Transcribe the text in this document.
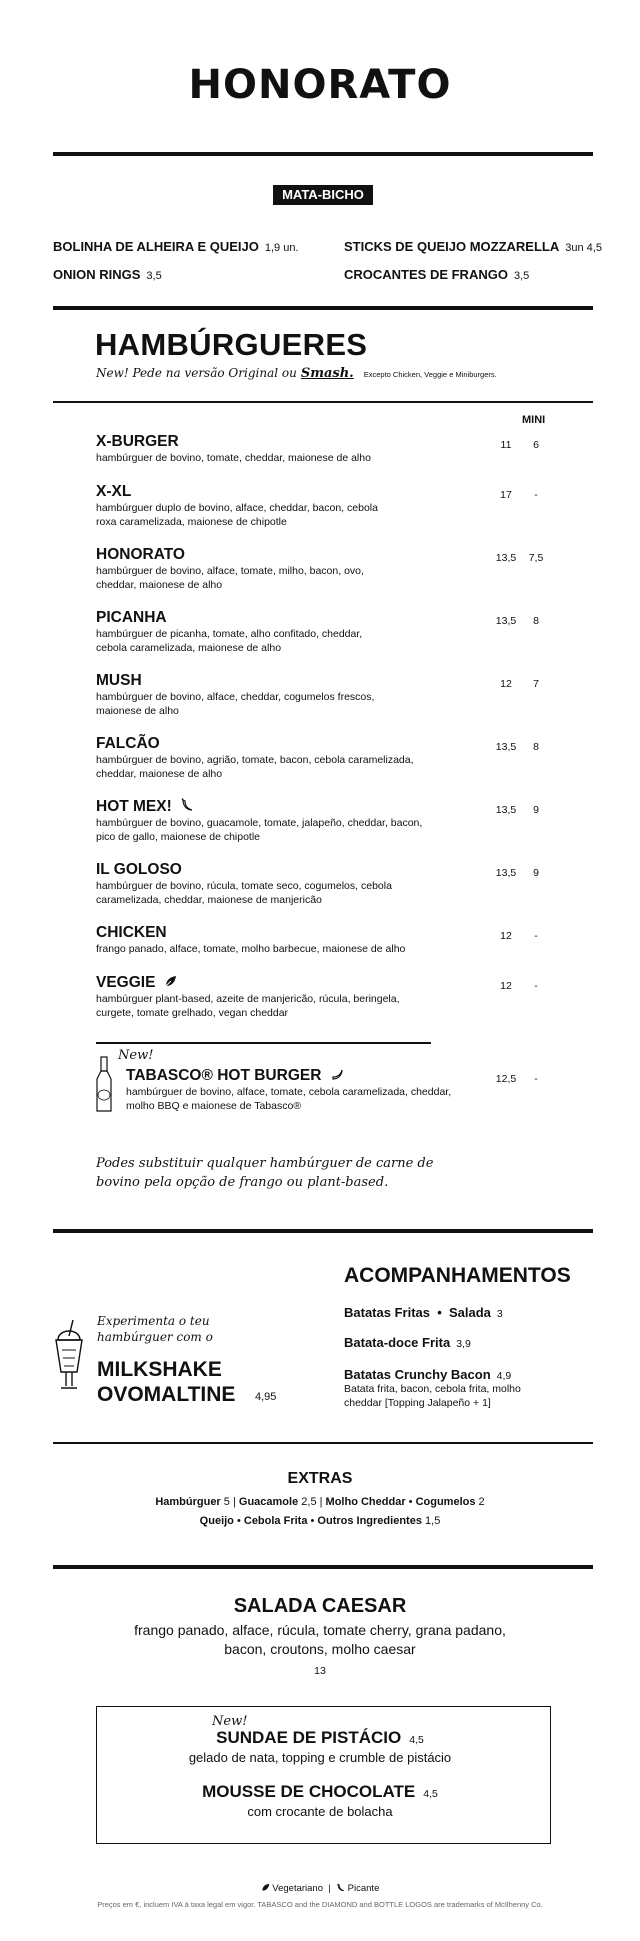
HONORATO
MATA-BICHO
BOLINHA DE ALHEIRA E QUEIJO 1,9 un.	STICKS DE QUEIJO MOZZARELLA 3un 4,5
ONION RINGS 3,5	CROCANTES DE FRANGO 3,5
HAMBÚRGUERES
New! Pede na versão Original ou Smash. Excepto Chicken, Veggie e Miniburgers.
MINI
X-BURGER
hambúrguer de bovino, tomate, cheddar, maionese de alho
11	6
X-XL
hambúrguer duplo de bovino, alface, cheddar, bacon, cebola roxa caramelizada, maionese de chipotle
17	-
HONORATO
hambúrguer de bovino, alface, tomate, milho, bacon, ovo, cheddar, maionese de alho
13,5	7,5
PICANHA
hambúrguer de picanha, tomate, alho confitado, cheddar, cebola caramelizada, maionese de alho
13,5	8
MUSH
hambúrguer de bovino, alface, cheddar, cogumelos frescos, maionese de alho
12	7
FALCÃO
hambúrguer de bovino, agrião, tomate, bacon, cebola caramelizada, cheddar, maionese de alho
13,5	8
HOT MEX!
hambúrguer de bovino, guacamole, tomate, jalapeño, cheddar, bacon, pico de gallo, maionese de chipotle
13,5	9
IL GOLOSO
hambúrguer de bovino, rúcula, tomate seco, cogumelos, cebola caramelizada, cheddar, maionese de manjericão
13,5	9
CHICKEN
frango panado, alface, tomate, molho barbecue, maionese de alho
12	-
VEGGIE
hambúrguer plant-based, azeite de manjericão, rúcula, beringela, curgete, tomate grelhado, vegan cheddar
12	-
New!
TABASCO® HOT BURGER
hambúrguer de bovino, alface, tomate, cebola caramelizada, cheddar, molho BBQ e maionese de Tabasco®
12,5	-
Podes substituir qualquer hambúrguer de carne de bovino pela opção de frango ou plant-based.
Experimenta o teu hambúrguer com o
MILKSHAKE
OVOMALTINE 4,95
ACOMPANHAMENTOS
Batatas Fritas  •  Salada 3
Batata-doce Frita 3,9
Batatas Crunchy Bacon 4,9
Batata frita, bacon, cebola frita, molho cheddar [Topping Jalapeño + 1]
EXTRAS
Hambúrguer 5 | Guacamole 2,5 | Molho Cheddar • Cogumelos 2
Queijo • Cebola Frita • Outros Ingredientes 1,5
SALADA CAESAR
frango panado, alface, rúcula, tomate cherry, grana padano,
bacon, croutons, molho caesar
13
New!
SUNDAE DE PISTÁCIO 4,5
gelado de nata, topping e crumble de pistácio
MOUSSE DE CHOCOLATE 4,5
com crocante de bolacha
Vegetariano  |   Picante
Preços em €, incluem IVA à taxa legal em vigor. TABASCO and the DIAMOND and BOTTLE LOGOS are trademarks of McIlhenny Co.
